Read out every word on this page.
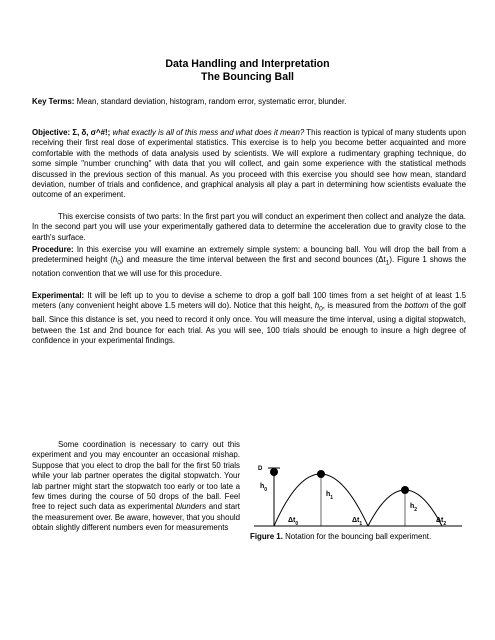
Data Handling and Interpretation
The Bouncing Ball

Key Terms: Mean, standard deviation, histogram, random error, systematic error, blunder.

Objective: Σ, δ, σ^#!; what exactly is all of this mess and what does it mean? This reaction is typical of many students upon receiving their first real dose of experimental statistics. This exercise is to help you become better acquainted and more comfortable with the methods of data analysis used by scientists. We will explore a rudimentary graphing technique, do some simple "number crunching" with data that you will collect, and gain some experience with the statistical methods discussed in the previous section of this manual. As you proceed with this exercise you should see how mean, standard deviation, number of trials and confidence, and graphical analysis all play a part in determining how scientists evaluate the outcome of an experiment.

This exercise consists of two parts: In the first part you will conduct an experiment then collect and analyze the data. In the second part you will use your experimentally gathered data to determine the acceleration due to gravity close to the earth's surface.

Procedure: In this exercise you will examine an extremely simple system: a bouncing ball. You will drop the ball from a predetermined height $(h_0)$ and measure the time interval between the first and second bounces $(\Delta t_1)$. Figure 1 shows the notation convention that we will use for this procedure.

Experimental: It will be left up to you to devise a scheme to drop a golf ball 100 times from a set height of at least 1.5 meters (any convenient height above 1.5 meters will do). Notice that this height, $h_0$, is measured from the bottom of the golf ball. Since this distance is set, you need to record it only once. You will measure the time interval, using a digital stopwatch, between the 1st and 2nd bounce for each trial. As you will see, 100 trials should be enough to insure a high degree of confidence in your experimental findings.

Some coordination is necessary to carry out this experiment and you may encounter an occasional mishap. Suppose that you elect to drop the ball for the first 50 trials while your lab partner operates the digital stopwatch. Your lab partner might start the stopwatch too early or too late a few times during the course of 50 drops of the ball. Feel free to reject such data as experimental blunders and start the measurement over. Be aware, however, that you should obtain slightly different numbers even for measurements

D
$h_0$
$h_1$
$h_2$
$\Delta t_0$	$\Delta t_1$	$\Delta t_2$

Figure 1. Notation for the bouncing ball experiment.
